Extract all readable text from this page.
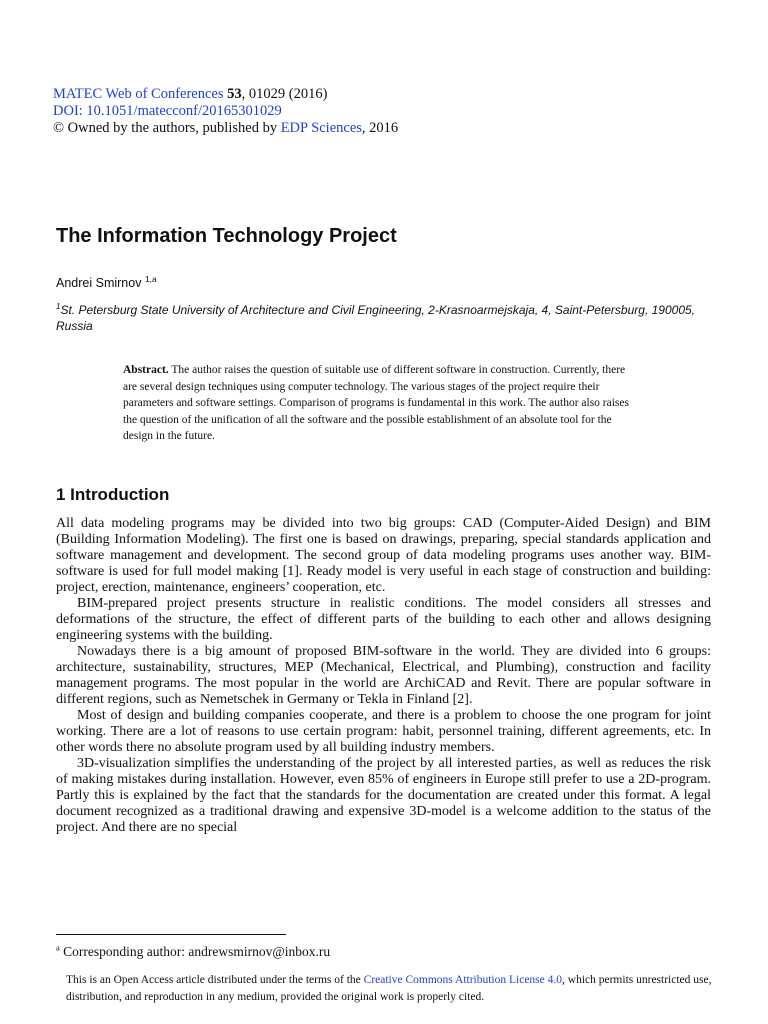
MATEC Web of Conferences 53, 01029 (2016)
DOI: 10.1051/matecconf/20165301029
© Owned by the authors, published by EDP Sciences, 2016
The Information Technology Project
Andrei Smirnov $^{1,a}$
$^1$St. Petersburg State University of Architecture and Civil Engineering, 2-Krasnoarmejskaja, 4, Saint-Petersburg, 190005, Russia
Abstract. The author raises the question of suitable use of different software in construction. Currently, there are several design techniques using computer technology. The various stages of the project require their parameters and software settings. Comparison of programs is fundamental in this work. The author also raises the question of the unification of all the software and the possible establishment of an absolute tool for the design in the future.
1 Introduction

All data modeling programs may be divided into two big groups: CAD (Computer-Aided Design) and BIM (Building Information Modeling). The first one is based on drawings, preparing, special standards application and software management and development. The second group of data modeling programs uses another way. BIM-software is used for full model making [1]. Ready model is very useful in each stage of construction and building: project, erection, maintenance, engineers’ cooperation, etc.

BIM-prepared project presents structure in realistic conditions. The model considers all stresses and deformations of the structure, the effect of different parts of the building to each other and allows designing engineering systems with the building.

Nowadays there is a big amount of proposed BIM-software in the world. They are divided into 6 groups: architecture, sustainability, structures, MEP (Mechanical, Electrical, and Plumbing), construction and facility management programs. The most popular in the world are ArchiCAD and Revit. There are popular software in different regions, such as Nemetschek in Germany or Tekla in Finland [2].

Most of design and building companies cooperate, and there is a problem to choose the one program for joint working. There are a lot of reasons to use certain program: habit, personnel training, different agreements, etc. In other words there no absolute program used by all building industry members.

3D-visualization simplifies the understanding of the project by all interested parties, as well as reduces the risk of making mistakes during installation. However, even 85% of engineers in Europe still prefer to use a 2D-program. Partly this is explained by the fact that the standards for the documentation are created under this format. A legal document recognized as a traditional drawing and expensive 3D-model is a welcome addition to the status of the project. And there are no special

$^a$ Corresponding author: andrewsmirnov@inbox.ru
This is an Open Access article distributed under the terms of the Creative Commons Attribution License 4.0, which permits unrestricted use, distribution, and reproduction in any medium, provided the original work is properly cited.
